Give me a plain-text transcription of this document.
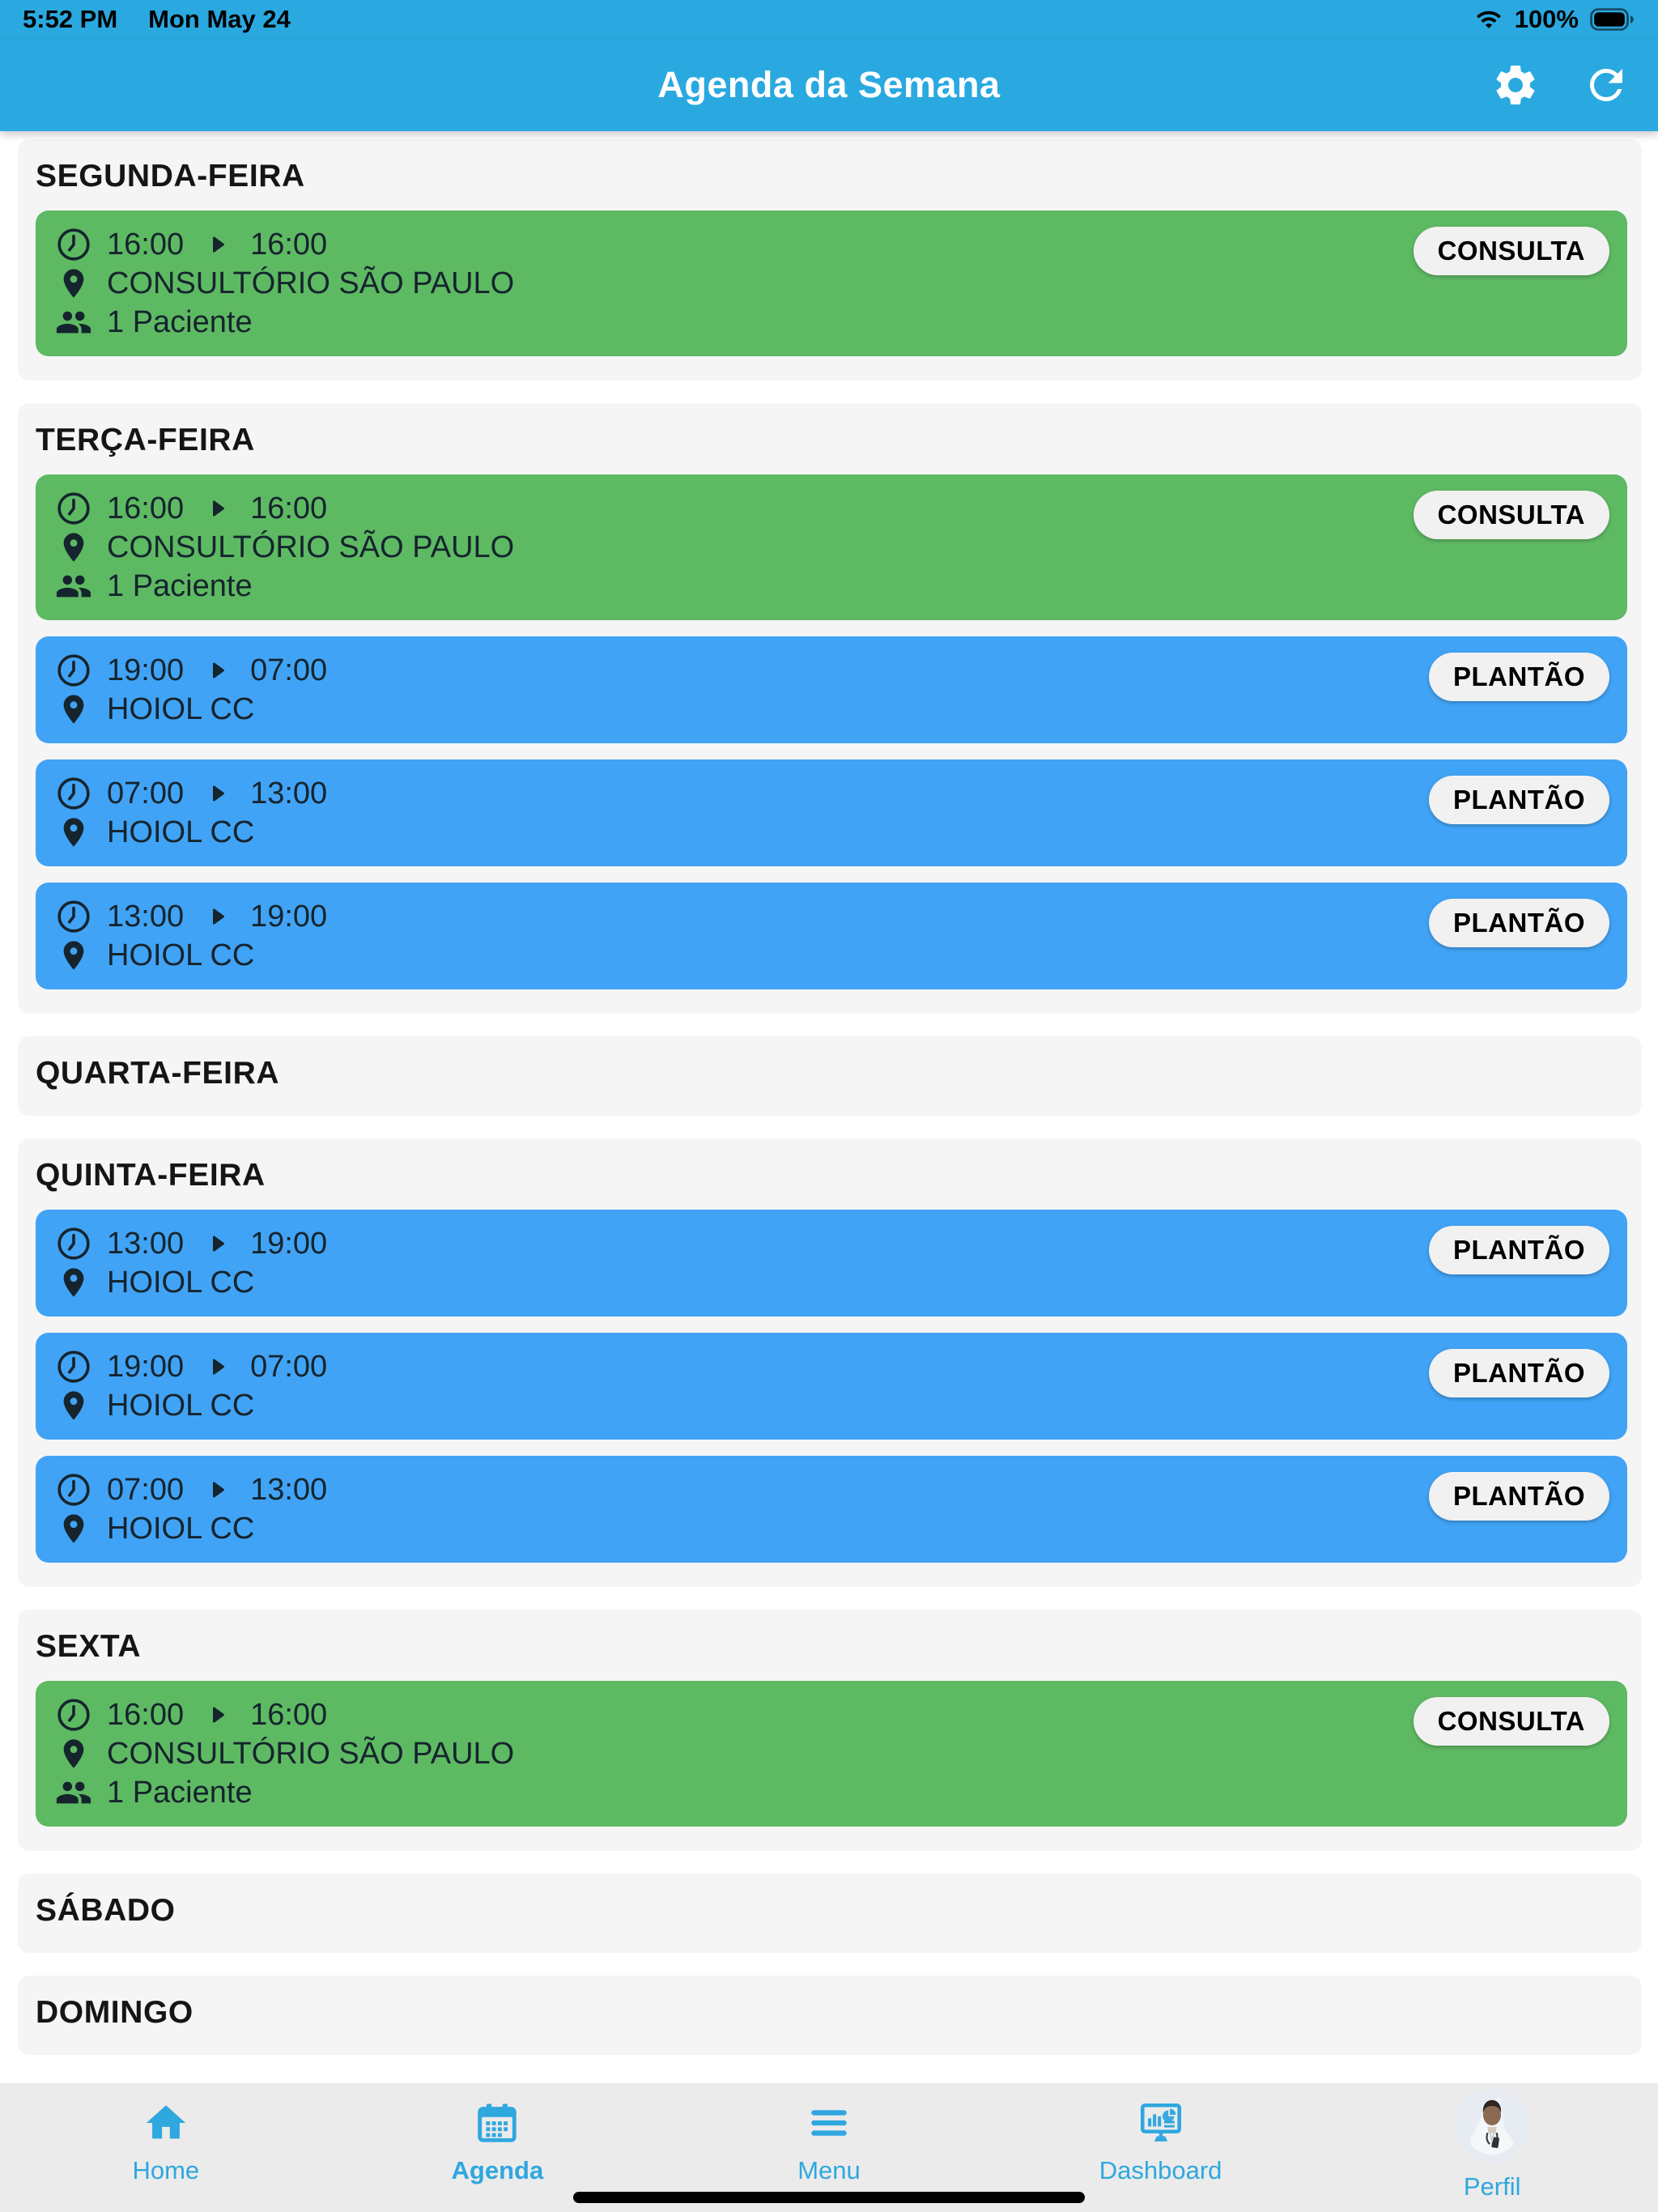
5:52 PM Mon May 24	100%
Agenda da Semana
SEGUNDA-FEIRA
16:00 16:00
CONSULTÓRIO SÃO PAULO
1 Paciente
CONSULTA
TERÇA-FEIRA
16:00 16:00
CONSULTÓRIO SÃO PAULO
1 Paciente
CONSULTA
19:00 07:00
HOIOL CC
PLANTÃO
07:00 13:00
HOIOL CC
PLANTÃO
13:00 19:00
HOIOL CC
PLANTÃO
QUARTA-FEIRA
QUINTA-FEIRA
13:00 19:00
HOIOL CC
PLANTÃO
19:00 07:00
HOIOL CC
PLANTÃO
07:00 13:00
HOIOL CC
PLANTÃO
SEXTA
16:00 16:00
CONSULTÓRIO SÃO PAULO
1 Paciente
CONSULTA
SÁBADO
DOMINGO
Home	Agenda	Menu	Dashboard
Perfil
